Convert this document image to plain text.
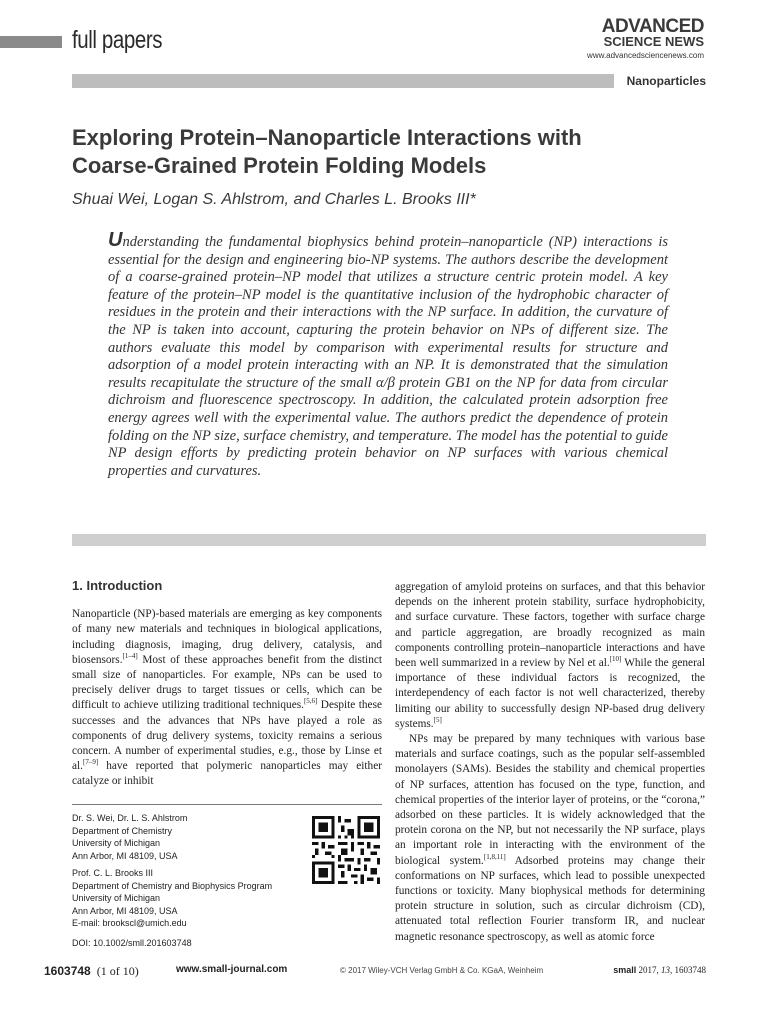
full papers	ADVANCED
SCIENCE NEWS
www.advancedsciencenews.com
Nanoparticles
Exploring Protein–Nanoparticle Interactions with
Coarse-Grained Protein Folding Models
Shuai Wei, Logan S. Ahlstrom, and Charles L. Brooks III*
Understanding the fundamental biophysics behind protein–nanoparticle (NP) interactions is essential for the design and engineering bio-NP systems. The authors describe the development of a coarse-grained protein–NP model that utilizes a structure centric protein model. A key feature of the protein–NP model is the quantitative inclusion of the hydrophobic character of residues in the protein and their interactions with the NP surface. In addition, the curvature of the NP is taken into account, capturing the protein behavior on NPs of different size. The authors evaluate this model by comparison with experimental results for structure and adsorption of a model protein interacting with an NP. It is demonstrated that the simulation results recapitulate the structure of the small α/β protein GB1 on the NP for data from circular dichroism and fluorescence spectroscopy. In addition, the calculated protein adsorption free energy agrees well with the experimental value. The authors predict the dependence of protein folding on the NP size, surface chemistry, and temperature. The model has the potential to guide NP design efforts by predicting protein behavior on NP surfaces with various chemical properties and curvatures.

1. Introduction

Nanoparticle (NP)-based materials are emerging as key components of many new materials and techniques in biological applications, including diagnosis, imaging, drug delivery, catalysis, and biosensors.[1–4] Most of these approaches benefit from the distinct small size of nanoparticles. For example, NPs can be used to precisely deliver drugs to target tissues or cells, which can be difficult to achieve utilizing traditional techniques.[5,6] Despite these successes and the advances that NPs have played a role as components of drug delivery systems, toxicity remains a serious concern. A number of experimental studies, e.g., those by Linse et al.[7–9] have reported that polymeric nanoparticles may either catalyze or inhibit

aggregation of amyloid proteins on surfaces, and that this behavior depends on the inherent protein stability, surface hydrophobicity, and surface curvature. These factors, together with surface charge and particle aggregation, are broadly recognized as main components controlling protein–nanoparticle interactions and have been well summarized in a review by Nel et al.[10] While the general importance of these individual factors is recognized, the interdependency of each factor is not well characterized, thereby limiting our ability to successfully design NP-based drug delivery systems.[5]

NPs may be prepared by many techniques with various base materials and surface coatings, such as the popular self-assembled monolayers (SAMs). Besides the stability and chemical properties of NP surfaces, attention has focused on the type, function, and chemical properties of the interior layer of proteins, or the “corona,” adsorbed on these particles. It is widely acknowledged that the protein corona on the NP, but not necessarily the NP surface, plays an important role in interacting with the environment of the biological system.[1,8,11] Adsorbed proteins may change their conformations on NP surfaces, which lead to possible unexpected functions or toxicity. Many biophysical methods for determining protein structure in solution, such as circular dichroism (CD), attenuated total reflection Fourier transform IR, and nuclear magnetic resonance spectroscopy, as well as atomic force

Dr. S. Wei, Dr. L. S. Ahlstrom
Department of Chemistry
University of Michigan
Ann Arbor, MI 48109, USA
Prof. C. L. Brooks III
Department of Chemistry and Biophysics Program
University of Michigan
Ann Arbor, MI 48109, USA
E-mail: brookscl@umich.edu
DOI: 10.1002/smll.201603748
1603748 (1 of 10)	www.small-journal.com	© 2017 Wiley-VCH Verlag GmbH & Co. KGaA, Weinheim	small 2017, 13, 1603748
